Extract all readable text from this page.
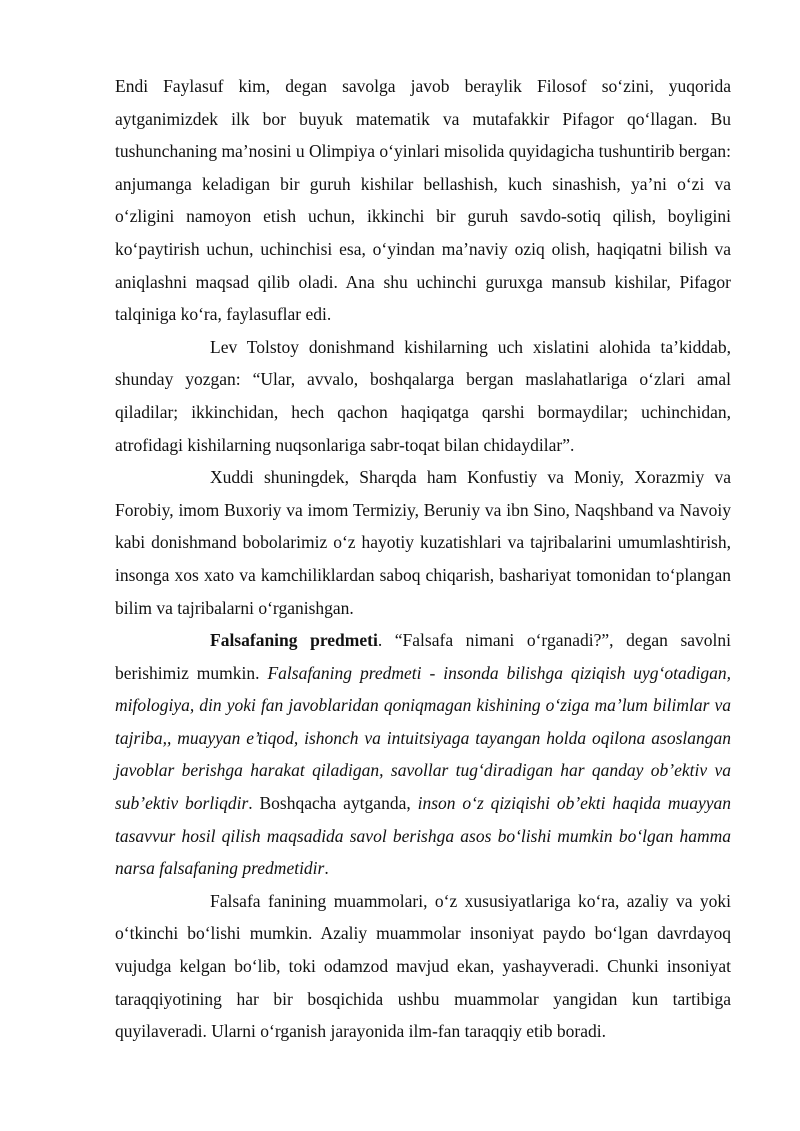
Endi Faylasuf kim, degan savolga javob beraylik Filosof so‘zini, yuqorida aytganimizdek ilk bor buyuk matematik va mutafakkir Pifagor qo‘llagan. Bu tushunchaning ma’nosini u Olimpiya o‘yinlari misolida quyidagicha tushuntirib bergan: anjumanga keladigan bir guruh kishilar bellashish, kuch sinashish, ya’ni o‘zi va o‘zligini namoyon etish uchun, ikkinchi bir guruh savdo-sotiq qilish, boyligini ko‘paytirish uchun, uchinchisi esa, o‘yindan ma’naviy oziq olish, haqiqatni bilish va aniqlashni maqsad qilib oladi. Ana shu uchinchi guruxga mansub kishilar, Pifagor talqiniga ko‘ra, faylasuflar edi.

Lev Tolstoy donishmand kishilarning uch xislatini alohida ta’kiddab, shunday yozgan: “Ular, avvalo, boshqalarga bergan maslahatlariga o‘zlari amal qiladilar; ikkinchidan, hech qachon haqiqatga qarshi bormaydilar; uchinchidan, atrofidagi kishilarning nuqsonlariga sabr-toqat bilan chidaydilar”.

Xuddi shuningdek, Sharqda ham Konfustiy va Moniy, Xorazmiy va Forobiy, imom Buxoriy va imom Termiziy, Beruniy va ibn Sino, Naqshband va Navoiy kabi donishmand bobolarimiz o‘z hayotiy kuzatishlari va tajribalarini umumlashtirish, insonga xos xato va kamchiliklardan saboq chiqarish, bashariyat tomonidan to‘plangan bilim va tajribalarni o‘rganishgan.

Falsafaning predmeti. “Falsafa nimani o‘rganadi?”, degan savolni berishimiz mumkin. Falsafaning predmeti - insonda bilishga qiziqish uyg‘otadigan, mifologiya, din yoki fan javoblaridan qoniqmagan kishining o‘ziga ma’lum bilimlar va tajriba,, muayyan e’tiqod, ishonch va intuitsiyaga tayangan holda oqilona asoslangan javoblar berishga harakat qiladigan, savollar tug‘diradigan har qanday ob’ektiv va sub’ektiv borliqdir. Boshqacha aytganda, inson o‘z qiziqishi ob’ekti haqida muayyan tasavvur hosil qilish maqsadida savol berishga asos bo‘lishi mumkin bo‘lgan hamma narsa falsafaning predmetidir.

Falsafa fanining muammolari, o‘z xususiyatlariga ko‘ra, azaliy va yoki o‘tkinchi bo‘lishi mumkin. Azaliy muammolar insoniyat paydo bo‘lgan davrdayoq vujudga kelgan bo‘lib, toki odamzod mavjud ekan, yashayveradi. Chunki insoniyat taraqqiyotining har bir bosqichida ushbu muammolar yangidan kun tartibiga quyilaveradi. Ularni o‘rganish jarayonida ilm-fan taraqqiy etib boradi.
